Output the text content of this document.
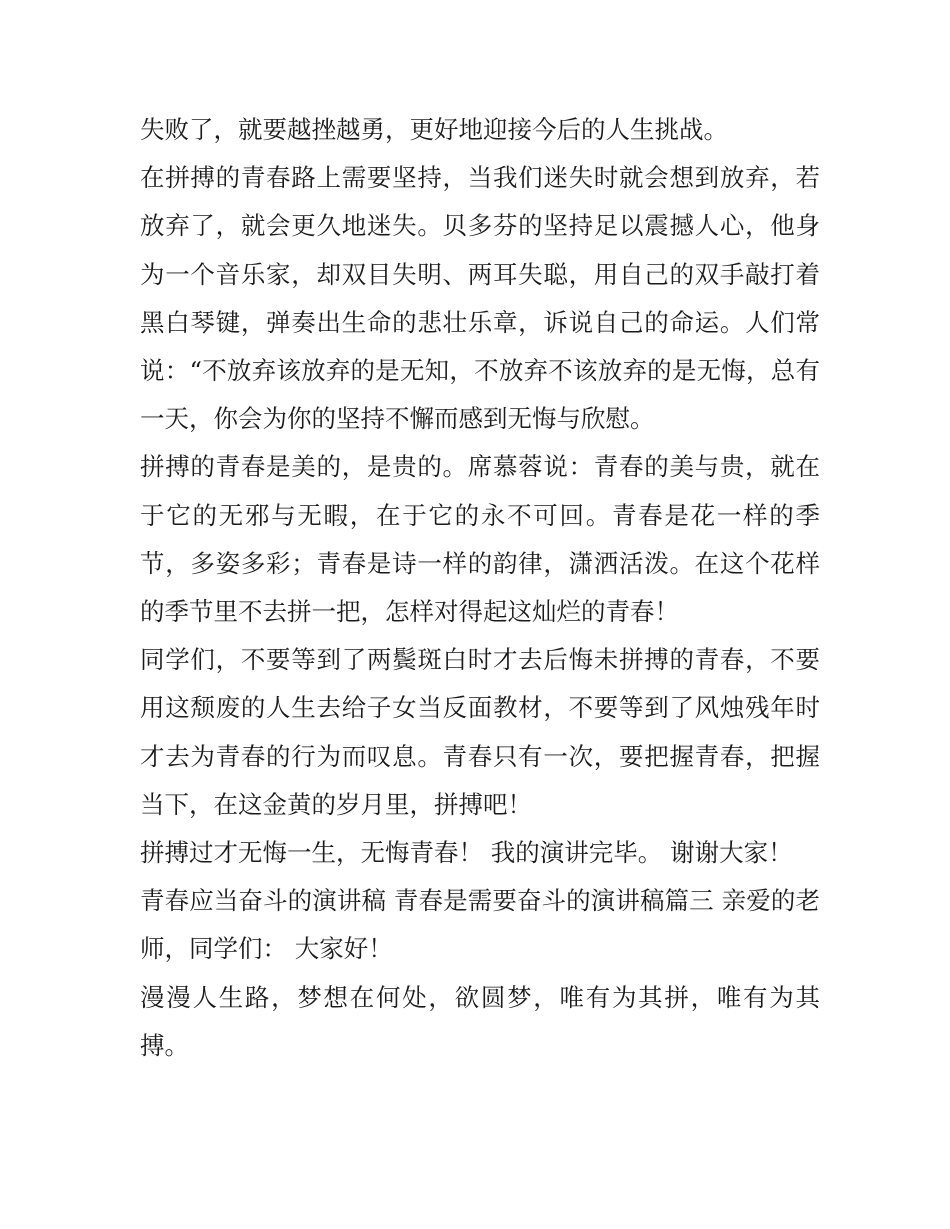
失败了，就要越挫越勇，更好地迎接今后的人生挑战。

在拼搏的青春路上需要坚持，当我们迷失时就会想到放弃，若放弃了，就会更久地迷失。贝多芬的坚持足以震撼人心，他身为一个音乐家，却双目失明、两耳失聪，用自己的双手敲打着黑白琴键，弹奏出生命的悲壮乐章，诉说自己的命运。人们常说：“不放弃该放弃的是无知，不放弃不该放弃的是无悔，总有一天，你会为你的坚持不懈而感到无悔与欣慰。

拼搏的青春是美的，是贵的。席慕蓉说：青春的美与贵，就在于它的无邪与无暇，在于它的永不可回。青春是花一样的季节，多姿多彩；青春是诗一样的韵律，潇洒活泼。在这个花样的季节里不去拼一把，怎样对得起这灿烂的青春！

同学们，不要等到了两鬓斑白时才去后悔未拼搏的青春，不要用这颓废的人生去给子女当反面教材，不要等到了风烛残年时才去为青春的行为而叹息。青春只有一次，要把握青春，把握当下，在这金黄的岁月里，拼搏吧！

拼搏过才无悔一生，无悔青春！ 我的演讲完毕。 谢谢大家！

青春应当奋斗的演讲稿 青春是需要奋斗的演讲稿篇三 亲爱的老师，同学们： 大家好！

漫漫人生路，梦想在何处，欲圆梦，唯有为其拼，唯有为其搏。
